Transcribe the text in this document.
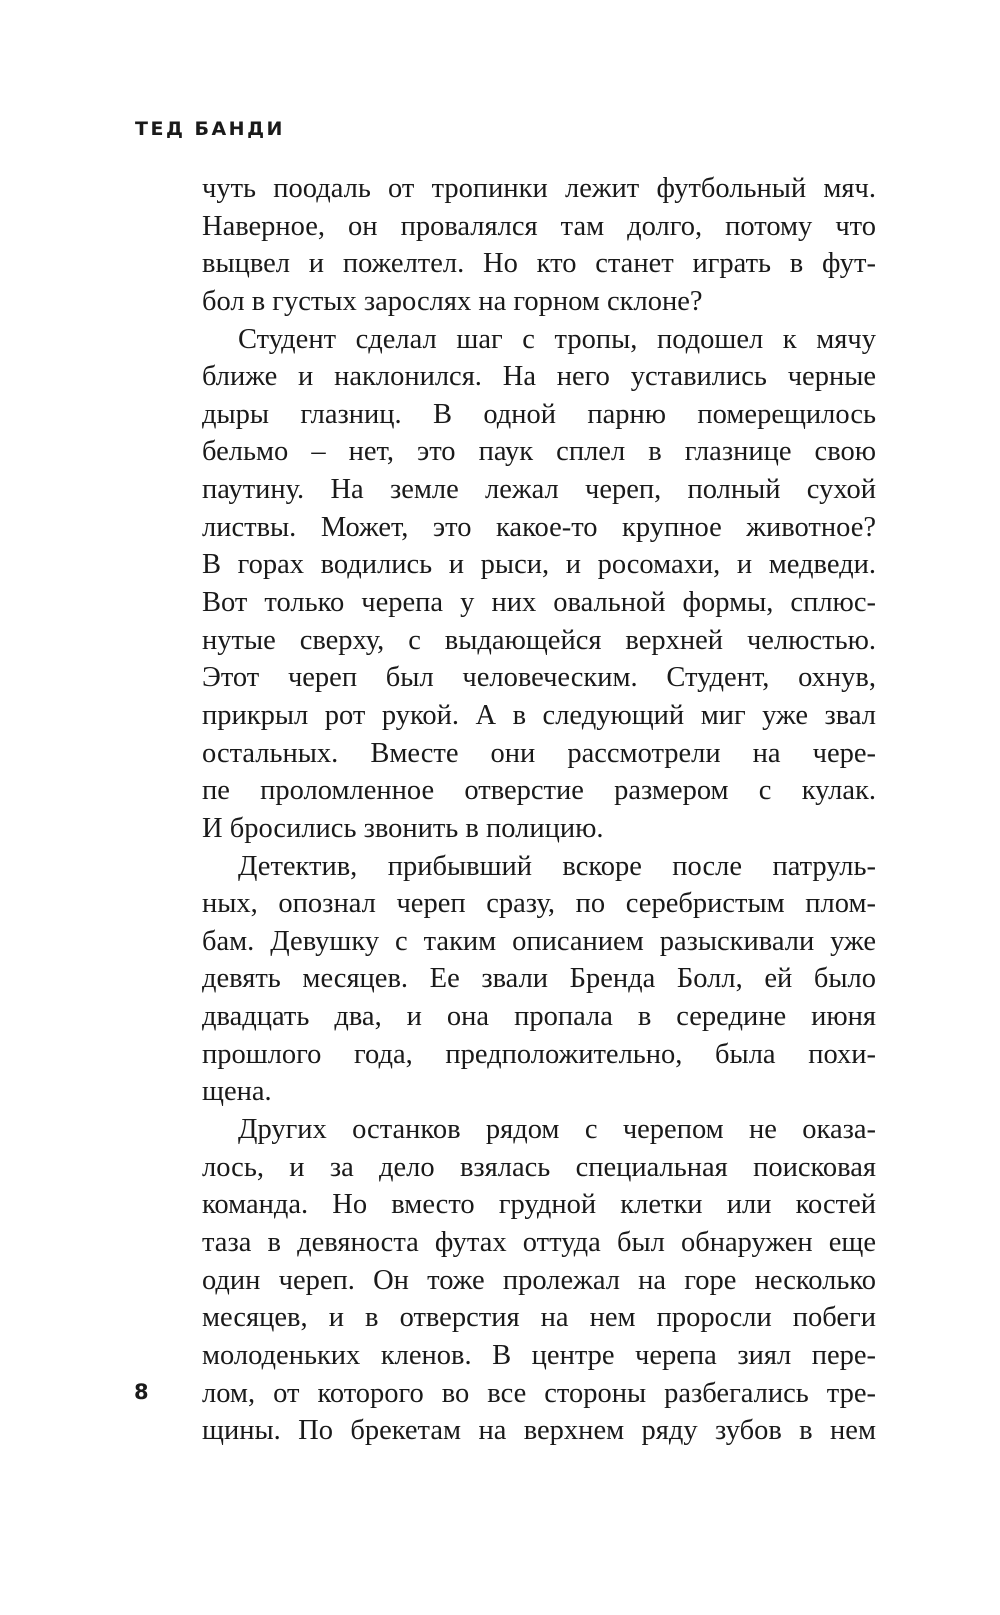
ТЕД БАНДИ
чуть поодаль от тропинки лежит футбольный мяч.
Наверное, он провалялся там долго, потому что
выцвел и пожелтел. Но кто станет играть в фут-
бол в густых зарослях на горном склоне?
Студент сделал шаг с тропы, подошел к мячу
ближе и наклонился. На него уставились черные
дыры глазниц. В одной парню померещилось
бельмо – нет, это паук сплел в глазнице свою
паутину. На земле лежал череп, полный сухой
листвы. Может, это какое-то крупное животное?
В горах водились и рыси, и росомахи, и медведи.
Вот только черепа у них овальной формы, сплюс-
нутые сверху, с выдающейся верхней челюстью.
Этот череп был человеческим. Студент, охнув,
прикрыл рот рукой. А в следующий миг уже звал
остальных. Вместе они рассмотрели на чере-
пе проломленное отверстие размером с кулак.
И бросились звонить в полицию.
Детектив, прибывший вскоре после патруль-
ных, опознал череп сразу, по серебристым плом-
бам. Девушку с таким описанием разыскивали уже
девять месяцев. Ее звали Бренда Болл, ей было
двадцать два, и она пропала в середине июня
прошлого года, предположительно, была похи-
щена.
Других останков рядом с черепом не оказа-
лось, и за дело взялась специальная поисковая
команда. Но вместо грудной клетки или костей
таза в девяноста футах оттуда был обнаружен еще
один череп. Он тоже пролежал на горе несколько
месяцев, и в отверстия на нем проросли побеги
молоденьких кленов. В центре черепа зиял пере-
лом, от которого во все стороны разбегались тре-
щины. По брекетам на верхнем ряду зубов в нем
8
